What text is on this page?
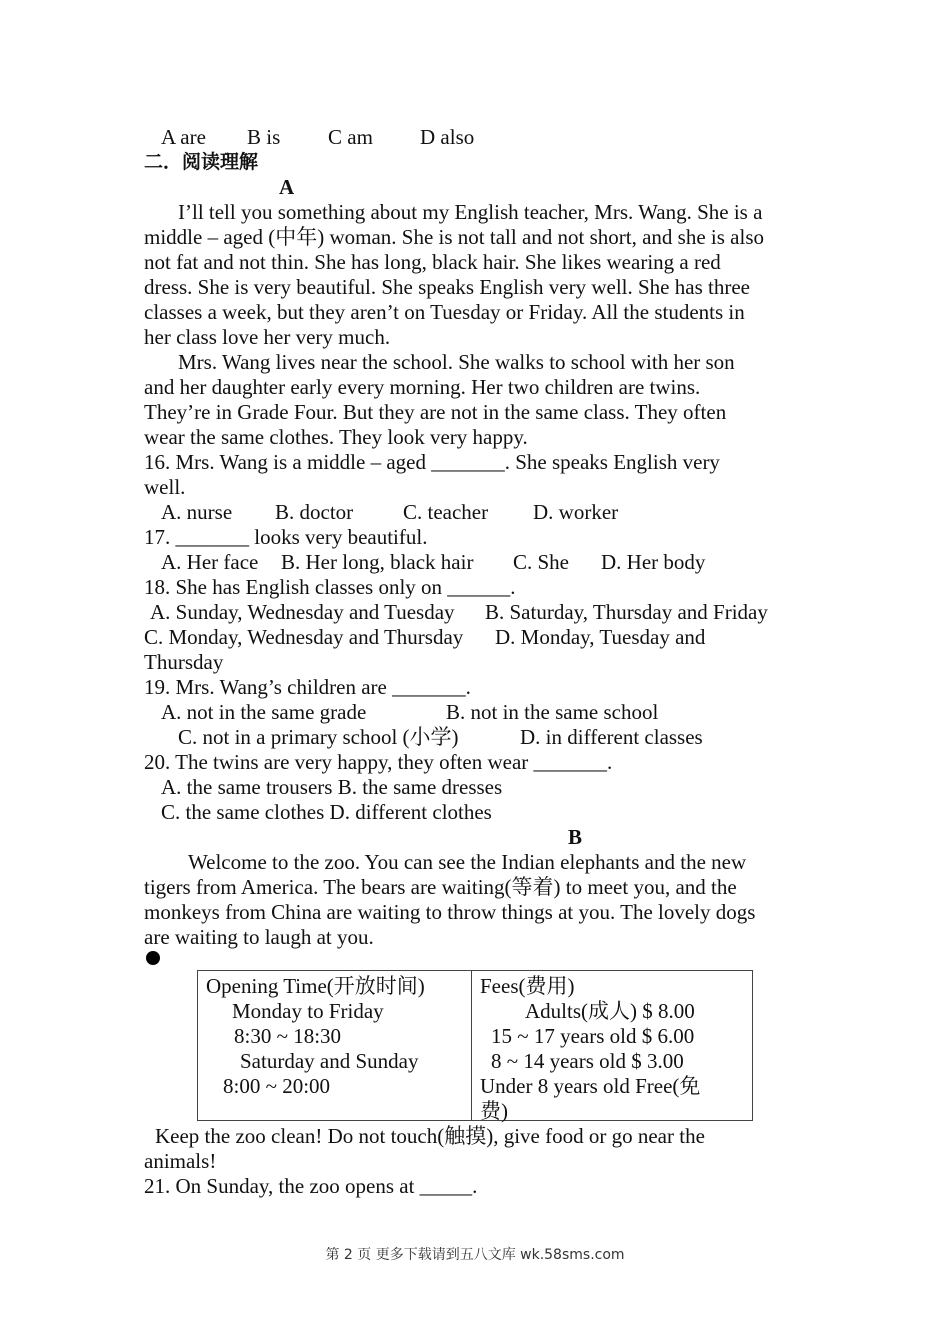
A are B is C am D also
二．阅读理解
A
I’ll tell you something about my English teacher, Mrs. Wang. She is a
middle – aged (中年) woman. She is not tall and not short, and she is also
not fat and not thin. She has long, black hair. She likes wearing a red
dress. She is very beautiful. She speaks English very well. She has three
classes a week, but they aren’t on Tuesday or Friday. All the students in
her class love her very much.
Mrs. Wang lives near the school. She walks to school with her son
and her daughter early every morning. Her two children are twins.
They’re in Grade Four. But they are not in the same class. They often
wear the same clothes. They look very happy.
16. Mrs. Wang is a middle – aged _______. She speaks English very
well.
A. nurse B. doctor C. teacher D. worker
17. _______ looks very beautiful.
A. Her face B. Her long, black hair C. She D. Her body
18. She has English classes only on ______.
A. Sunday, Wednesday and Tuesday B. Saturday, Thursday and Friday
C. Monday, Wednesday and Thursday D. Monday, Tuesday and
Thursday
19. Mrs. Wang’s children are _______.
A. not in the same grade	B. not in the same school
C. not in a primary school (小学)	D. in different classes
20. The twins are very happy, they often wear _______.
A. the same trousers B. the same dresses
C. the same clothes D. different clothes
B
Welcome to the zoo. You can see the Indian elephants and the new
tigers from America. The bears are waiting(等着) to meet you, and the
monkeys from China are waiting to throw things at you. The lovely dogs
are waiting to laugh at you.
Opening Time(开放时间)
Monday to Friday
8:30 ~ 18:30
Saturday and Sunday
8:00 ~ 20:00
Fees(费用)
Adults(成人) $ 8.00
15 ~ 17 years old $ 6.00
8 ~ 14 years old $ 3.00
Under 8 years old Free(免
费)
Keep the zoo clean! Do not touch(触摸), give food or go near the
animals!
21. On Sunday, the zoo opens at _____.
第 2 页 更多下载请到五八文库 wk.58sms.com
